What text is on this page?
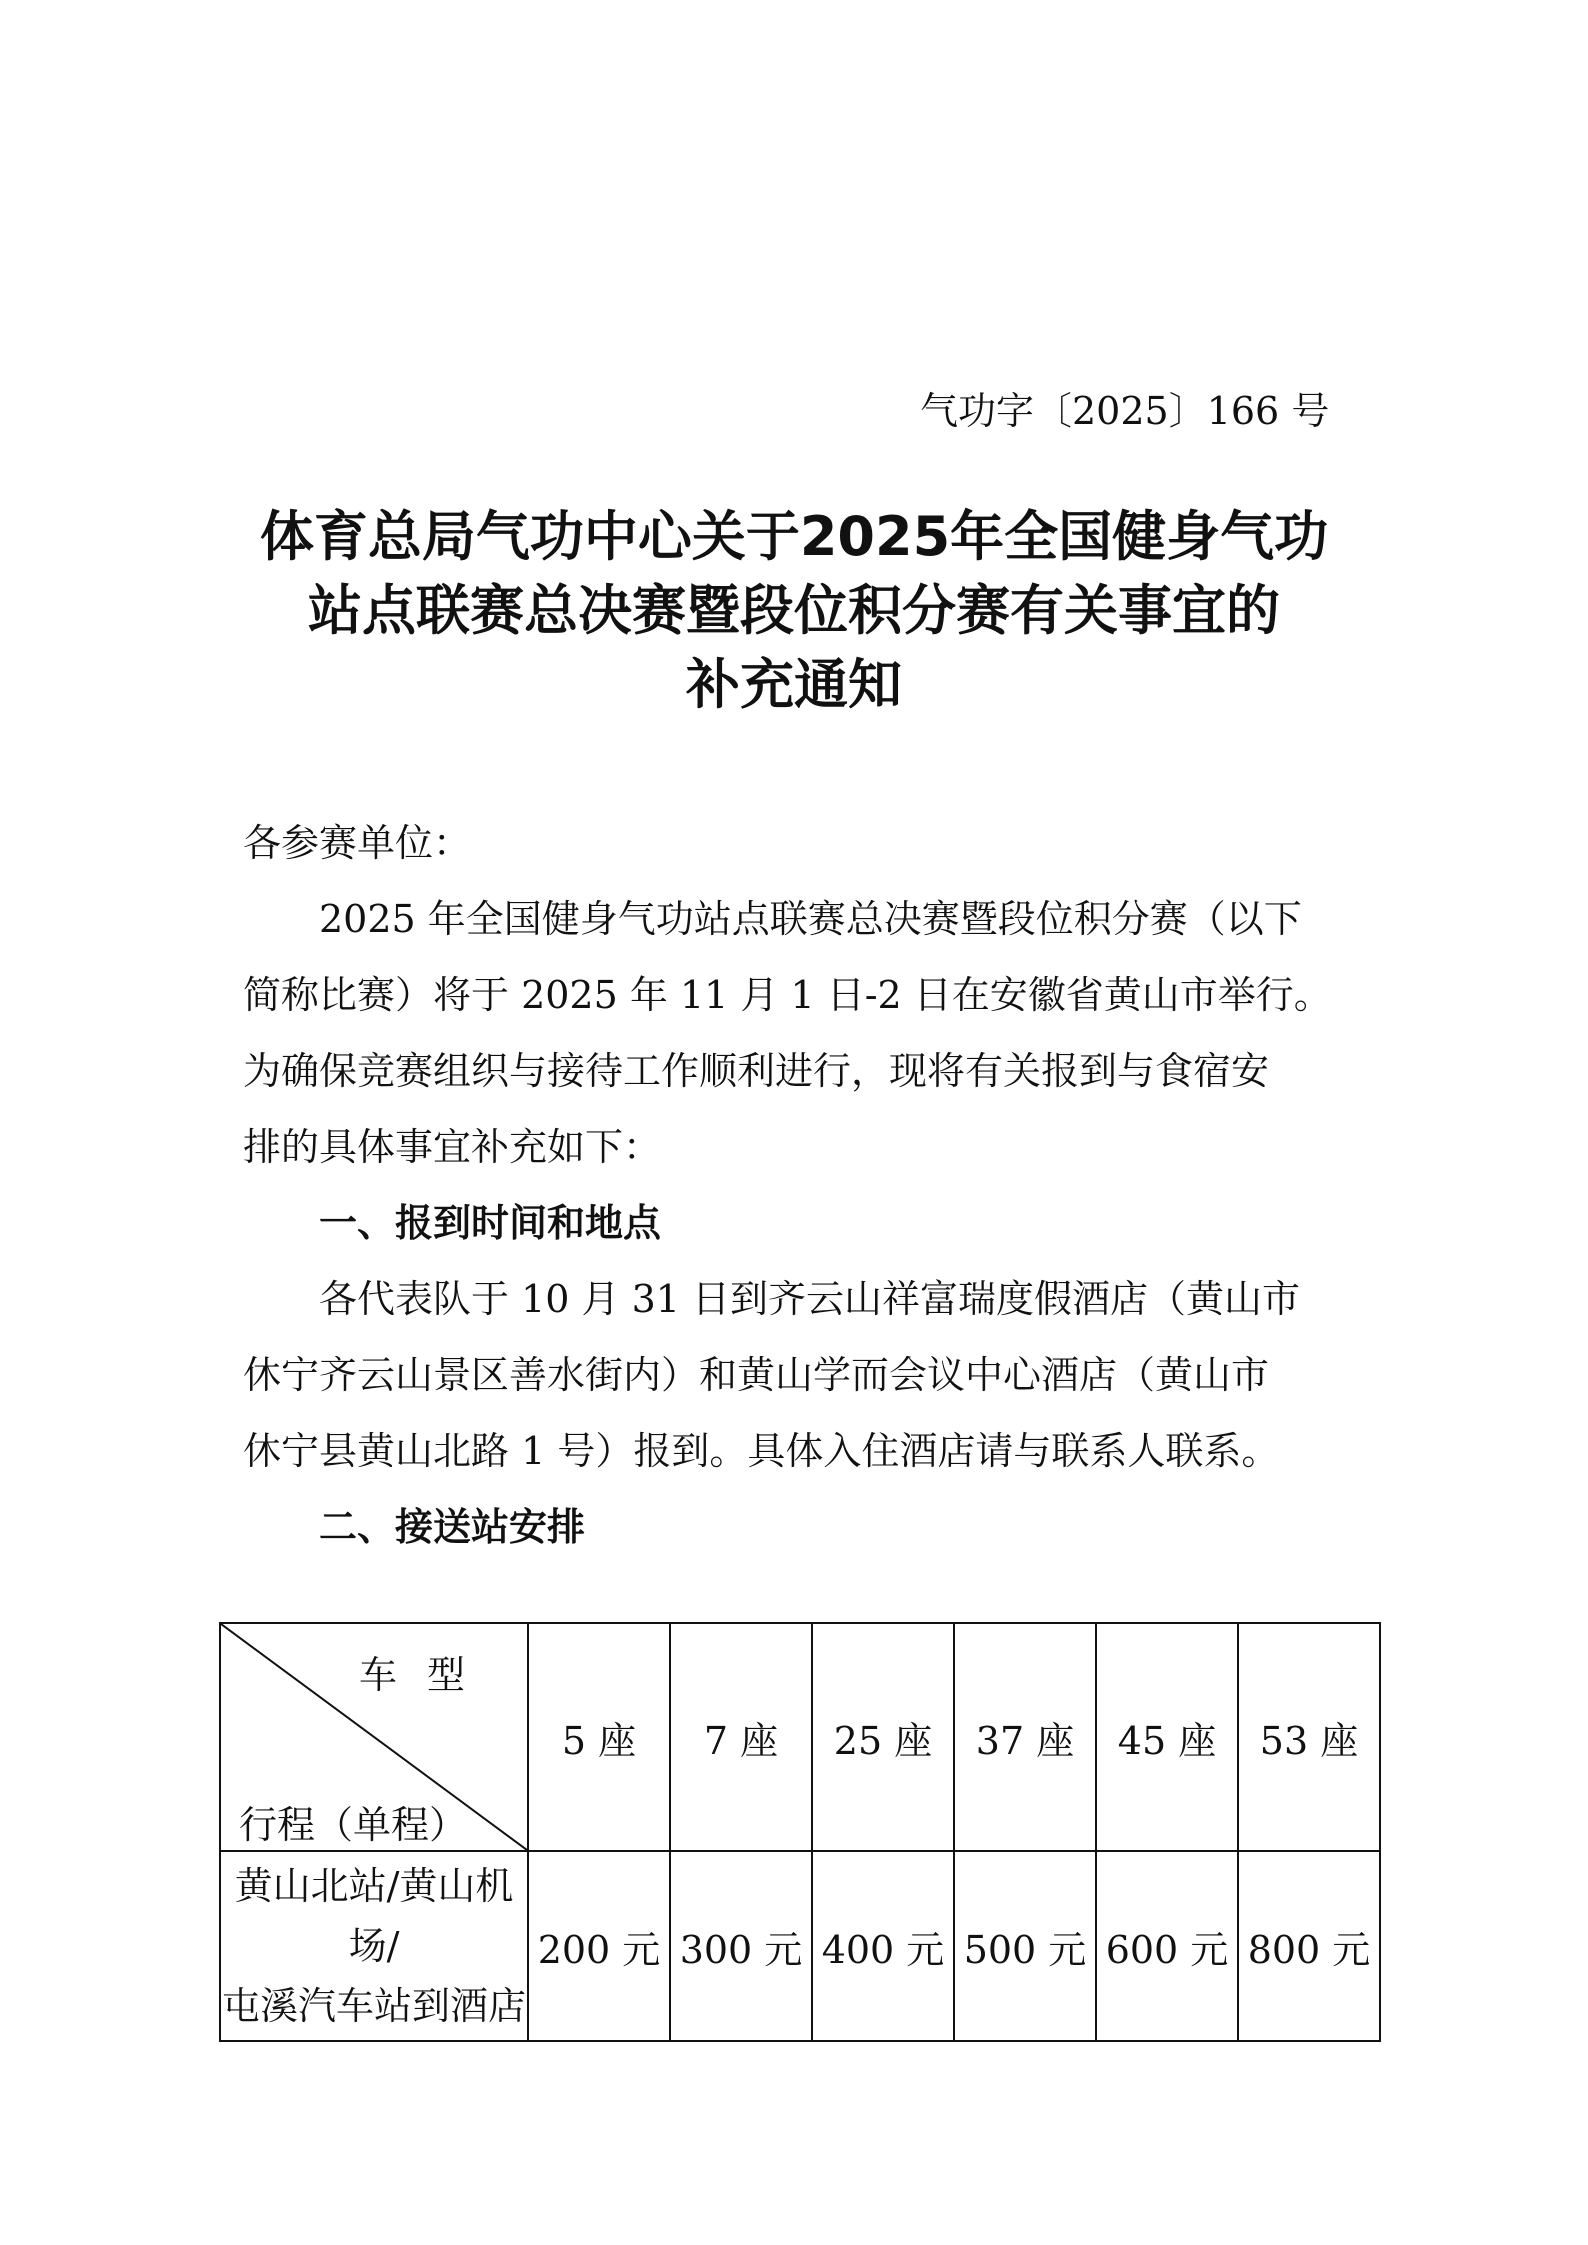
气功字〔2025〕166 号
体育总局气功中心关于2025年全国健身气功
站点联赛总决赛暨段位积分赛有关事宜的
补充通知
各参赛单位：
2025 年全国健身气功站点联赛总决赛暨段位积分赛（以下
简称比赛）将于 2025 年 11 月 1 日-2 日在安徽省黄山市举行。
为确保竞赛组织与接待工作顺利进行，现将有关报到与食宿安
排的具体事宜补充如下：
一、报到时间和地点
各代表队于 10 月 31 日到齐云山祥富瑞度假酒店（黄山市
休宁齐云山景区善水街内）和黄山学而会议中心酒店（黄山市
休宁县黄山北路 1 号）报到。具体入住酒店请与联系人联系。
二、接送站安排
车型
行程（单程）	5 座	7 座	25 座	37 座	45 座	53 座

黄山北站/黄山机场/
屯溪汽车站到酒店	200 元	300 元	400 元	500 元	600 元	800 元
